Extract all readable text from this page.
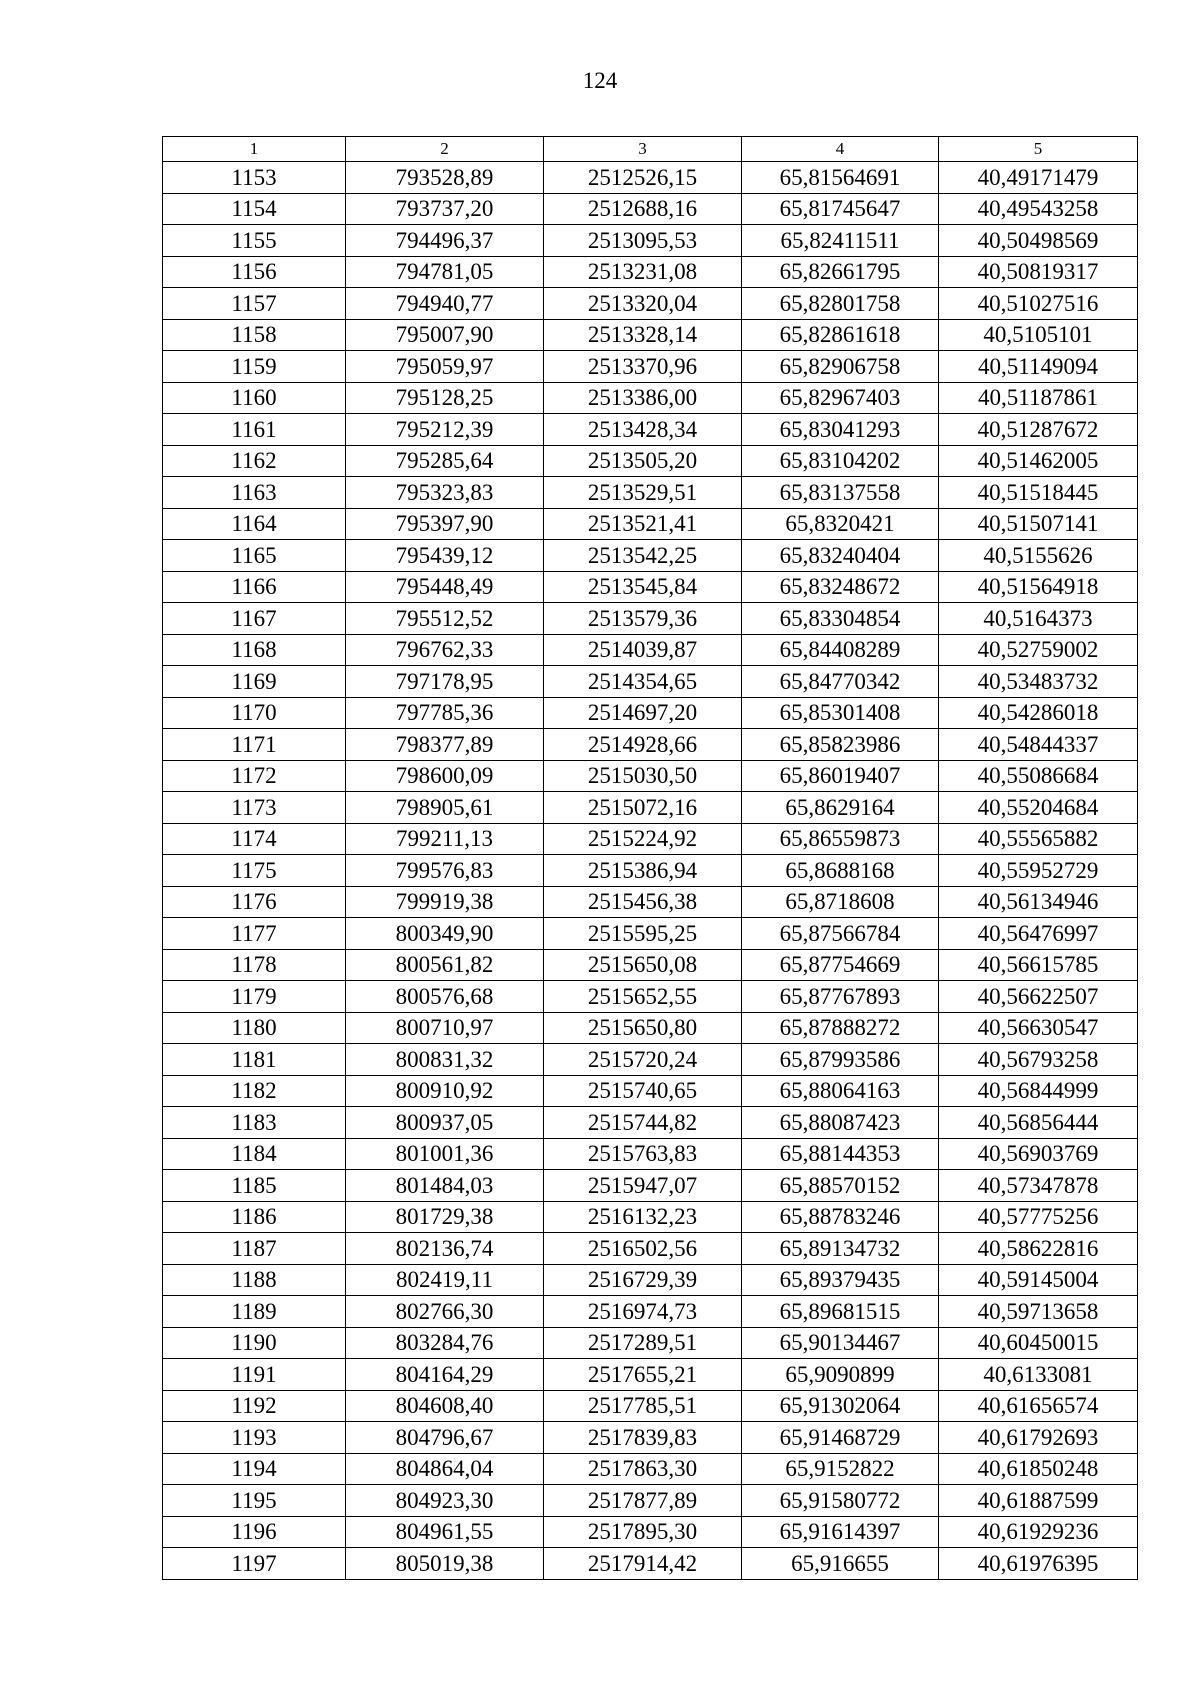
124
1	2	3	4	5
1153	793528,89	2512526,15	65,81564691	40,49171479
1154	793737,20	2512688,16	65,81745647	40,49543258
1155	794496,37	2513095,53	65,82411511	40,50498569
1156	794781,05	2513231,08	65,82661795	40,50819317
1157	794940,77	2513320,04	65,82801758	40,51027516
1158	795007,90	2513328,14	65,82861618	40,5105101
1159	795059,97	2513370,96	65,82906758	40,51149094
1160	795128,25	2513386,00	65,82967403	40,51187861
1161	795212,39	2513428,34	65,83041293	40,51287672
1162	795285,64	2513505,20	65,83104202	40,51462005
1163	795323,83	2513529,51	65,83137558	40,51518445
1164	795397,90	2513521,41	65,8320421	40,51507141
1165	795439,12	2513542,25	65,83240404	40,5155626
1166	795448,49	2513545,84	65,83248672	40,51564918
1167	795512,52	2513579,36	65,83304854	40,5164373
1168	796762,33	2514039,87	65,84408289	40,52759002
1169	797178,95	2514354,65	65,84770342	40,53483732
1170	797785,36	2514697,20	65,85301408	40,54286018
1171	798377,89	2514928,66	65,85823986	40,54844337
1172	798600,09	2515030,50	65,86019407	40,55086684
1173	798905,61	2515072,16	65,8629164	40,55204684
1174	799211,13	2515224,92	65,86559873	40,55565882
1175	799576,83	2515386,94	65,8688168	40,55952729
1176	799919,38	2515456,38	65,8718608	40,56134946
1177	800349,90	2515595,25	65,87566784	40,56476997
1178	800561,82	2515650,08	65,87754669	40,56615785
1179	800576,68	2515652,55	65,87767893	40,56622507
1180	800710,97	2515650,80	65,87888272	40,56630547
1181	800831,32	2515720,24	65,87993586	40,56793258
1182	800910,92	2515740,65	65,88064163	40,56844999
1183	800937,05	2515744,82	65,88087423	40,56856444
1184	801001,36	2515763,83	65,88144353	40,56903769
1185	801484,03	2515947,07	65,88570152	40,57347878
1186	801729,38	2516132,23	65,88783246	40,57775256
1187	802136,74	2516502,56	65,89134732	40,58622816
1188	802419,11	2516729,39	65,89379435	40,59145004
1189	802766,30	2516974,73	65,89681515	40,59713658
1190	803284,76	2517289,51	65,90134467	40,60450015
1191	804164,29	2517655,21	65,9090899	40,6133081
1192	804608,40	2517785,51	65,91302064	40,61656574
1193	804796,67	2517839,83	65,91468729	40,61792693
1194	804864,04	2517863,30	65,9152822	40,61850248
1195	804923,30	2517877,89	65,91580772	40,61887599
1196	804961,55	2517895,30	65,91614397	40,61929236
1197	805019,38	2517914,42	65,916655	40,61976395
